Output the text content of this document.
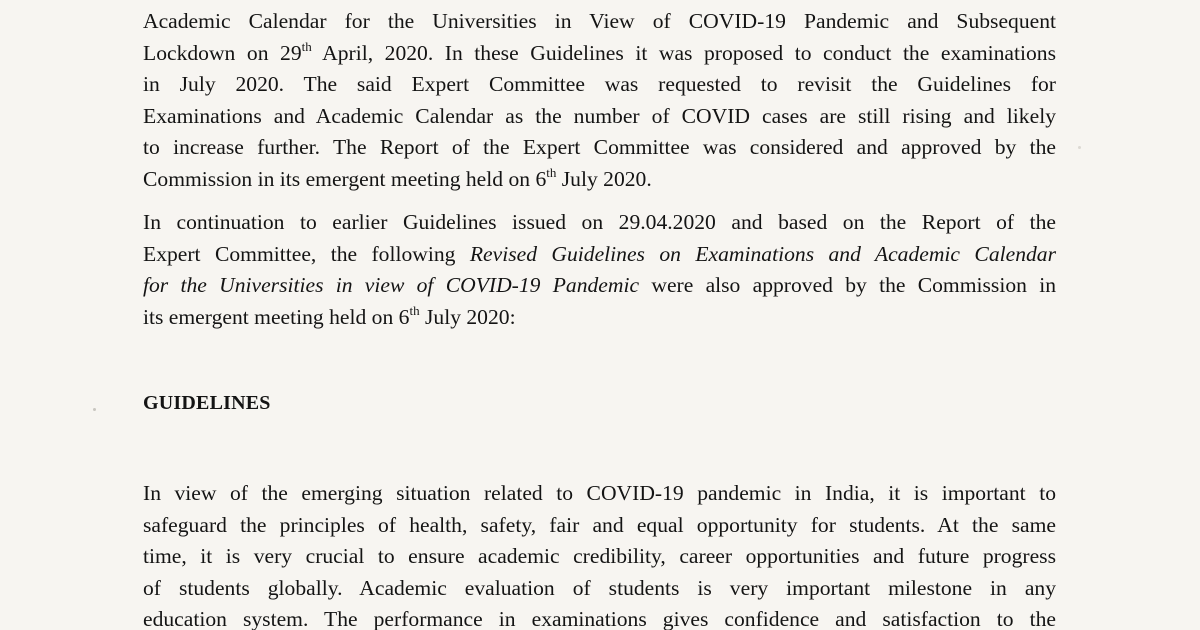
Academic Calendar for the Universities in View of COVID-19 Pandemic and Subsequent
Lockdown on 29th April, 2020. In these Guidelines it was proposed to conduct the examinations
in July 2020. The said Expert Committee was requested to revisit the Guidelines for
Examinations and Academic Calendar as the number of COVID cases are still rising and likely
to increase further. The Report of the Expert Committee was considered and approved by the
Commission in its emergent meeting held on 6th July 2020.
In continuation to earlier Guidelines issued on 29.04.2020 and based on the Report of the
Expert Committee, the following Revised Guidelines on Examinations and Academic Calendar
for the Universities in view of COVID-19 Pandemic were also approved by the Commission in
its emergent meeting held on 6th July 2020:
GUIDELINES
In view of the emerging situation related to COVID-19 pandemic in India, it is important to
safeguard the principles of health, safety, fair and equal opportunity for students. At the same
time, it is very crucial to ensure academic credibility, career opportunities and future progress
of students globally. Academic evaluation of students is very important milestone in any
education system. The performance in examinations gives confidence and satisfaction to the
